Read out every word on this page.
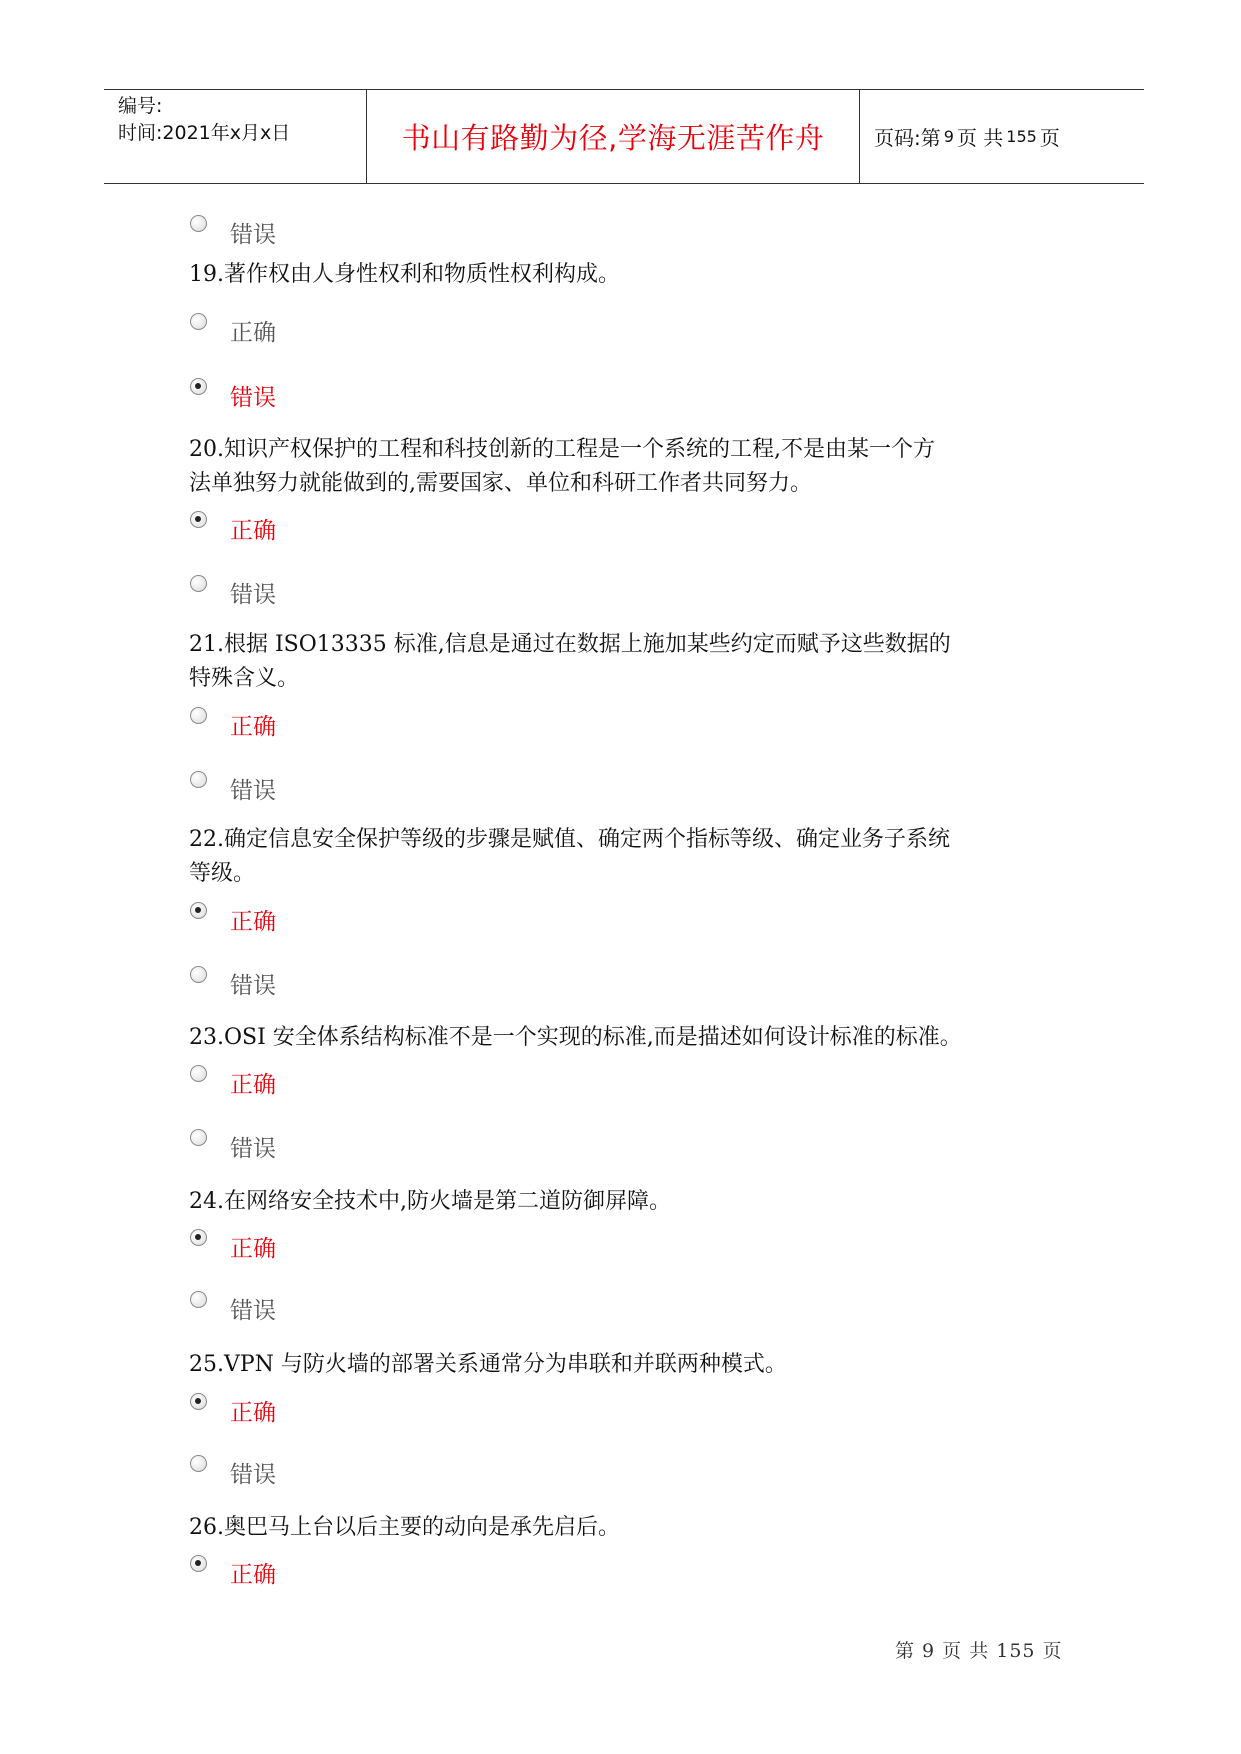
编号:
时间:2021年x月x日	书山有路勤为径,学海无涯苦作舟	页码:第 9 页 共 155 页
错误
19.著作权由人身性权利和物质性权利构成。
正确
错误
20.知识产权保护的工程和科技创新的工程是一个系统的工程,不是由某一个方
法单独努力就能做到的,需要国家、单位和科研工作者共同努力。
正确
错误
21.根据 ISO13335 标准,信息是通过在数据上施加某些约定而赋予这些数据的
特殊含义。
正确
错误
22.确定信息安全保护等级的步骤是赋值、确定两个指标等级、确定业务子系统
等级。
正确
错误
23.OSI 安全体系结构标准不是一个实现的标准,而是描述如何设计标准的标准。
正确
错误
24.在网络安全技术中,防火墙是第二道防御屏障。
正确
错误
25.VPN 与防火墙的部署关系通常分为串联和并联两种模式。
正确
错误
26.奥巴马上台以后主要的动向是承先启后。
正确
第 9 页 共 155 页
